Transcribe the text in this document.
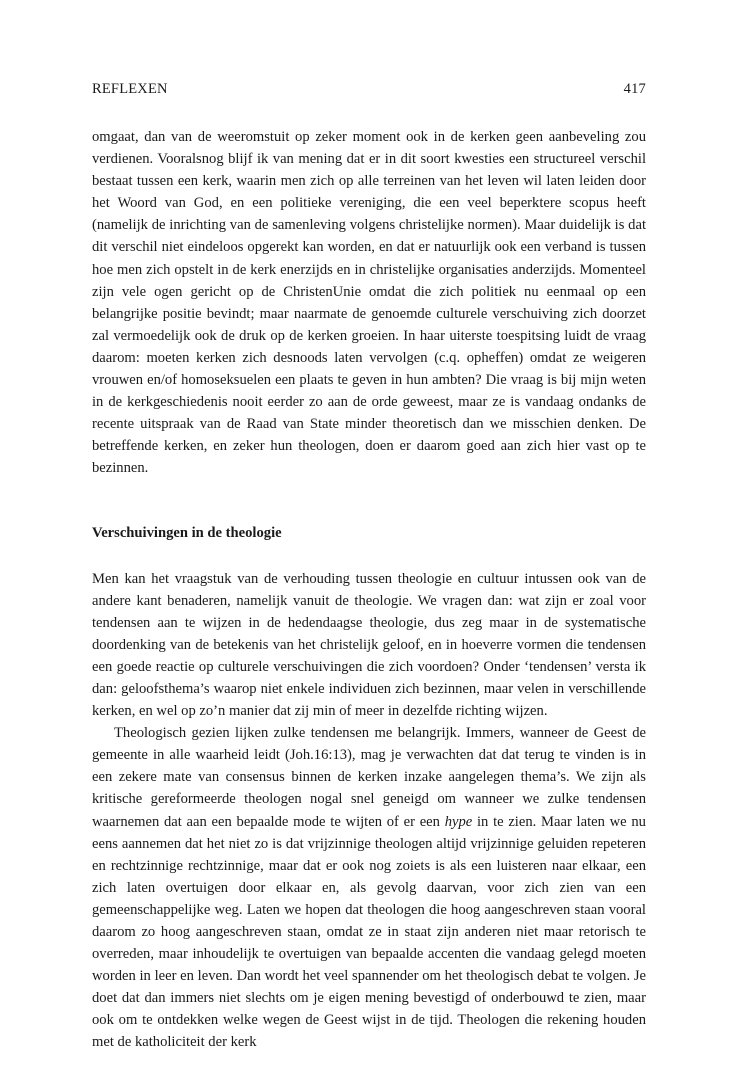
REFLEXEN	417

omgaat, dan van de weeromstuit op zeker moment ook in de kerken geen aanbeveling zou verdienen. Vooralsnog blijf ik van mening dat er in dit soort kwesties een structureel verschil bestaat tussen een kerk, waarin men zich op alle terreinen van het leven wil laten leiden door het Woord van God, en een politieke vereniging, die een veel beperktere scopus heeft (namelijk de inrichting van de samenleving volgens christelijke normen). Maar duidelijk is dat dit verschil niet eindeloos opgerekt kan worden, en dat er natuurlijk ook een verband is tussen hoe men zich opstelt in de kerk enerzijds en in christelijke organisaties anderzijds. Momenteel zijn vele ogen gericht op de ChristenUnie omdat die zich politiek nu eenmaal op een belangrijke positie bevindt; maar naarmate de genoemde culturele verschuiving zich doorzet zal vermoedelijk ook de druk op de kerken groeien. In haar uiterste toespitsing luidt de vraag daarom: moeten kerken zich desnoods laten vervolgen (c.q. opheffen) omdat ze weigeren vrouwen en/of homoseksuelen een plaats te geven in hun ambten? Die vraag is bij mijn weten in de kerkgeschiedenis nooit eerder zo aan de orde geweest, maar ze is vandaag ondanks de recente uitspraak van de Raad van State minder theoretisch dan we misschien denken. De betreffende kerken, en zeker hun theologen, doen er daarom goed aan zich hier vast op te bezinnen.

Verschuivingen in de theologie

Men kan het vraagstuk van de verhouding tussen theologie en cultuur intussen ook van de andere kant benaderen, namelijk vanuit de theologie. We vragen dan: wat zijn er zoal voor tendensen aan te wijzen in de hedendaagse theologie, dus zeg maar in de systematische doordenking van de betekenis van het christelijk geloof, en in hoeverre vormen die tendensen een goede reactie op culturele verschuivingen die zich voordoen? Onder ‘tendensen’ versta ik dan: geloofsthema’s waarop niet enkele individuen zich bezinnen, maar velen in verschillende kerken, en wel op zo’n manier dat zij min of meer in dezelfde richting wijzen.

Theologisch gezien lijken zulke tendensen me belangrijk. Immers, wanneer de Geest de gemeente in alle waarheid leidt (Joh.16:13), mag je verwachten dat dat terug te vinden is in een zekere mate van consensus binnen de kerken inzake aangelegen thema’s. We zijn als kritische gereformeerde theologen nogal snel geneigd om wanneer we zulke tendensen waarnemen dat aan een bepaalde mode te wijten of er een hype in te zien. Maar laten we nu eens aannemen dat het niet zo is dat vrijzinnige theologen altijd vrijzinnige geluiden repeteren en rechtzinnige rechtzinnige, maar dat er ook nog zoiets is als een luisteren naar elkaar, een zich laten overtuigen door elkaar en, als gevolg daarvan, voor zich zien van een gemeenschappelijke weg. Laten we hopen dat theologen die hoog aangeschreven staan vooral daarom zo hoog aangeschreven staan, omdat ze in staat zijn anderen niet maar retorisch te overreden, maar inhoudelijk te overtuigen van bepaalde accenten die vandaag gelegd moeten worden in leer en leven. Dan wordt het veel spannender om het theologisch debat te volgen. Je doet dat dan immers niet slechts om je eigen mening bevestigd of onderbouwd te zien, maar ook om te ontdekken welke wegen de Geest wijst in de tijd. Theologen die rekening houden met de katholiciteit der kerk
